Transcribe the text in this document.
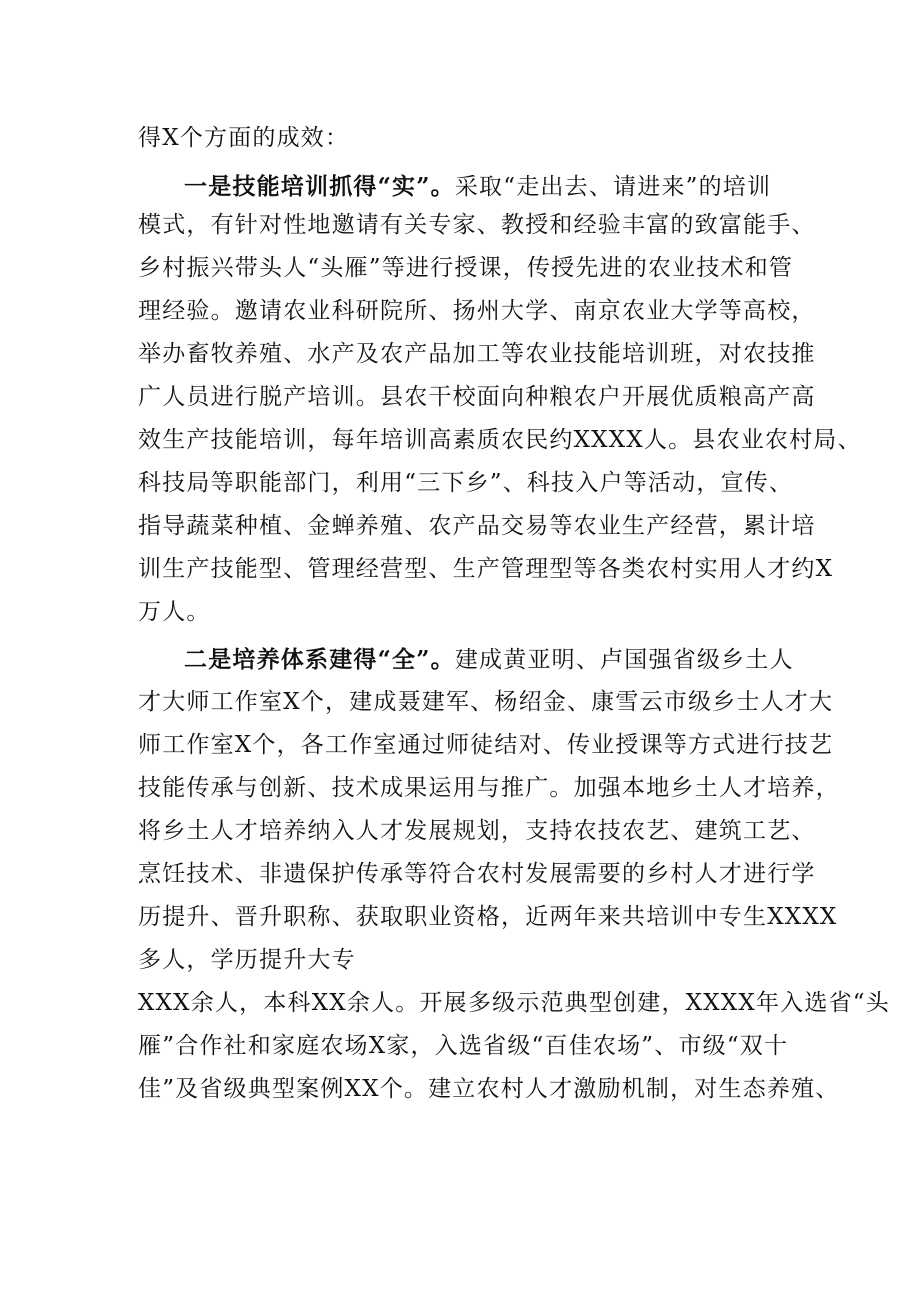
得X个方面的成效：
一是技能培训抓得“实”。采取“走出去、请进来”的培训
模式，有针对性地邀请有关专家、教授和经验丰富的致富能手、
乡村振兴带头人“头雁”等进行授课，传授先进的农业技术和管
理经验。邀请农业科研院所、扬州大学、南京农业大学等高校，
举办畜牧养殖、水产及农产品加工等农业技能培训班，对农技推
广人员进行脱产培训。县农干校面向种粮农户开展优质粮高产高
效生产技能培训，每年培训高素质农民约XXXX人。县农业农村局、
科技局等职能部门，利用“三下乡”、科技入户等活动，宣传、
指导蔬菜种植、金蝉养殖、农产品交易等农业生产经营，累计培
训生产技能型、管理经营型、生产管理型等各类农村实用人才约X
万人。
二是培养体系建得“全”。建成黄亚明、卢国强省级乡土人
才大师工作室X个，建成聂建军、杨绍金、康雪云市级乡士人才大
师工作室X个，各工作室通过师徒结对、传业授课等方式进行技艺
技能传承与创新、技术成果运用与推广。加强本地乡土人才培养，
将乡土人才培养纳入人才发展规划，支持农技农艺、建筑工艺、
烹饪技术、非遗保护传承等符合农村发展需要的乡村人才进行学
历提升、晋升职称、获取职业资格，近两年来共培训中专生XXXX
多人，学历提升大专
XXX余人，本科XX余人。开展多级示范典型创建，XXXX年入选省“头
雁”合作社和家庭农场X家，入选省级“百佳农场”、市级“双十
佳”及省级典型案例XX个。建立农村人才激励机制，对生态养殖、
